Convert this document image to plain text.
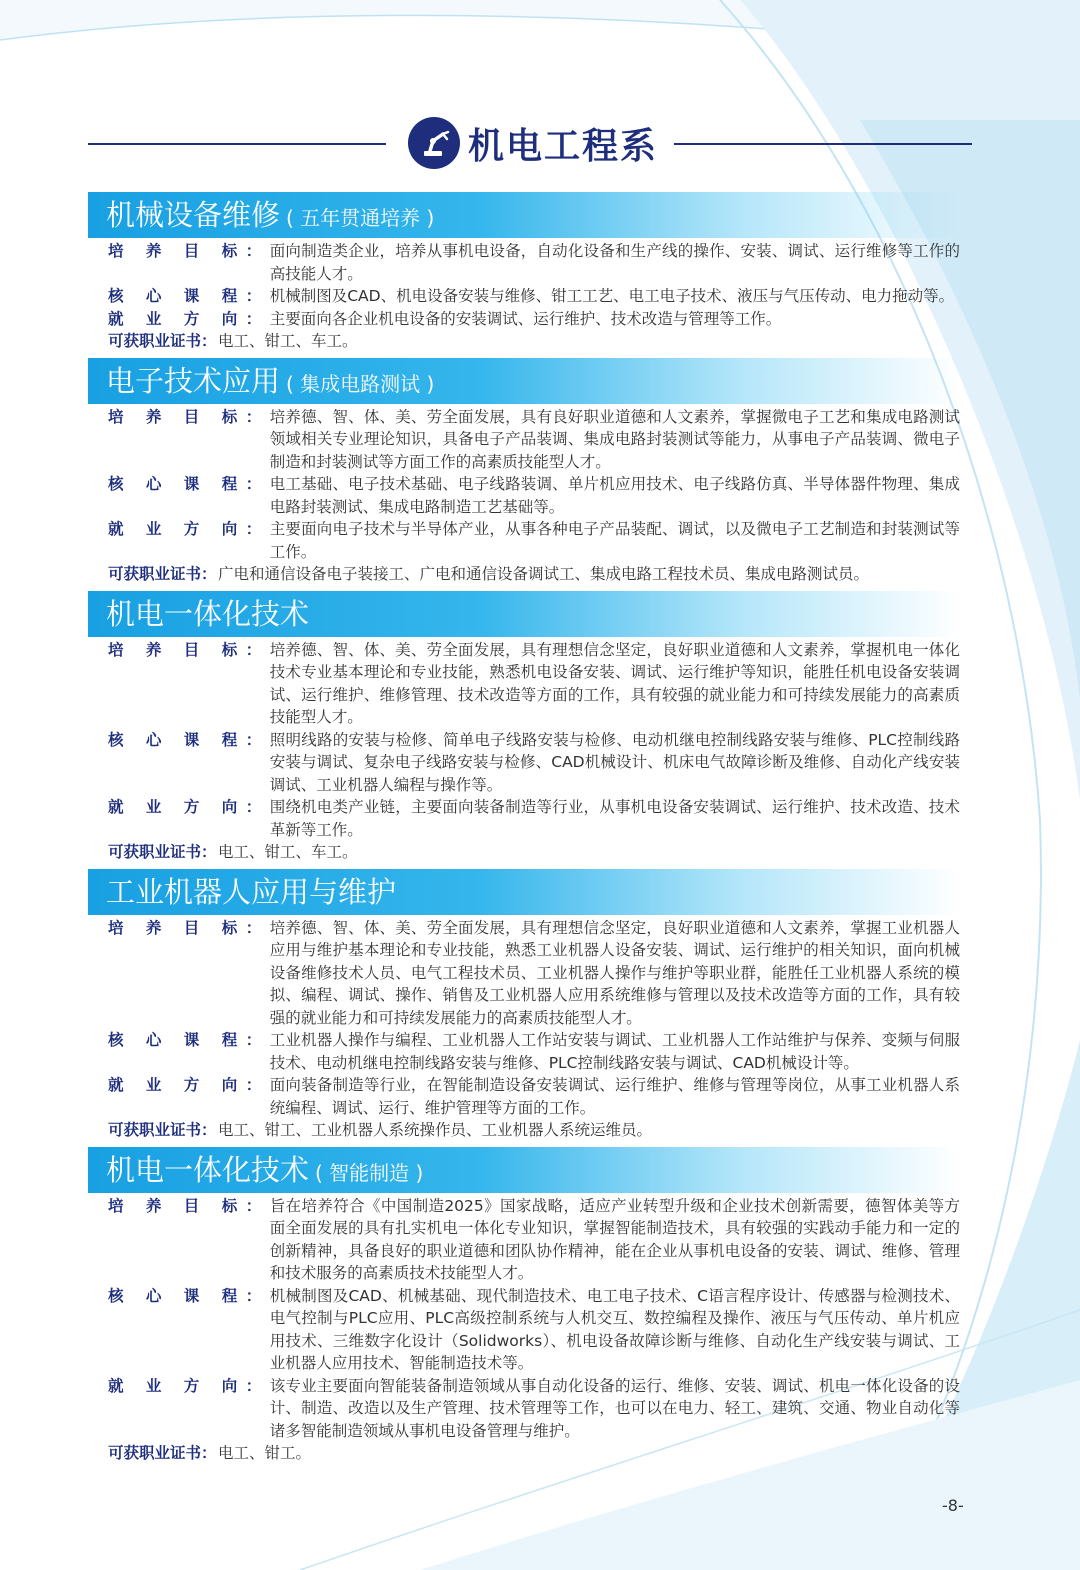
机电工程系
机械设备维修 ( 五年贯通培养 )
培 养 目 标： 面向制造类企业，培养从事机电设备，自动化设备和生产线的操作、安装、调试、运行维修等工作的高技能人才。
核 心 课 程： 机械制图及CAD、机电设备安装与维修、钳工工艺、电工电子技术、液压与气压传动、电力拖动等。
就 业 方 向： 主要面向各企业机电设备的安装调试、运行维护、技术改造与管理等工作。
可获职业证书： 电工、钳工、车工。
电子技术应用 ( 集成电路测试 )
培 养 目 标： 培养德、智、体、美、劳全面发展，具有良好职业道德和人文素养，掌握微电子工艺和集成电路测试领域相关专业理论知识，具备电子产品装调、集成电路封装测试等能力，从事电子产品装调、微电子制造和封装测试等方面工作的高素质技能型人才。
核 心 课 程： 电工基础、电子技术基础、电子线路装调、单片机应用技术、电子线路仿真、半导体器件物理、集成电路封装测试、集成电路制造工艺基础等。
就 业 方 向： 主要面向电子技术与半导体产业，从事各种电子产品装配、调试，以及微电子工艺制造和封装测试等工作。
可获职业证书： 广电和通信设备电子装接工、广电和通信设备调试工、集成电路工程技术员、集成电路测试员。
机电一体化技术
培 养 目 标： 培养德、智、体、美、劳全面发展，具有理想信念坚定，良好职业道德和人文素养，掌握机电一体化技术专业基本理论和专业技能，熟悉机电设备安装、调试、运行维护等知识，能胜任机电设备安装调试、运行维护、维修管理、技术改造等方面的工作，具有较强的就业能力和可持续发展能力的高素质技能型人才。
核 心 课 程： 照明线路的安装与检修、简单电子线路安装与检修、电动机继电控制线路安装与维修、PLC控制线路安装与调试、复杂电子线路安装与检修、CAD机械设计、机床电气故障诊断及维修、自动化产线安装调试、工业机器人编程与操作等。
就 业 方 向： 围绕机电类产业链，主要面向装备制造等行业，从事机电设备安装调试、运行维护、技术改造、技术革新等工作。
可获职业证书： 电工、钳工、车工。
工业机器人应用与维护
培 养 目 标： 培养德、智、体、美、劳全面发展，具有理想信念坚定，良好职业道德和人文素养，掌握工业机器人应用与维护基本理论和专业技能，熟悉工业机器人设备安装、调试、运行维护的相关知识，面向机械设备维修技术人员、电气工程技术员、工业机器人操作与维护等职业群，能胜任工业机器人系统的模拟、编程、调试、操作、销售及工业机器人应用系统维修与管理以及技术改造等方面的工作，具有较强的就业能力和可持续发展能力的高素质技能型人才。
核 心 课 程： 工业机器人操作与编程、工业机器人工作站安装与调试、工业机器人工作站维护与保养、变频与伺服技术、电动机继电控制线路安装与维修、PLC控制线路安装与调试、CAD机械设计等。
就 业 方 向： 面向装备制造等行业，在智能制造设备安装调试、运行维护、维修与管理等岗位，从事工业机器人系统编程、调试、运行、维护管理等方面的工作。
可获职业证书： 电工、钳工、工业机器人系统操作员、工业机器人系统运维员。
机电一体化技术 ( 智能制造 )
培 养 目 标： 旨在培养符合《中国制造2025》国家战略，适应产业转型升级和企业技术创新需要，德智体美等方面全面发展的具有扎实机电一体化专业知识，掌握智能制造技术，具有较强的实践动手能力和一定的创新精神，具备良好的职业道德和团队协作精神，能在企业从事机电设备的安装、调试、维修、管理和技术服务的高素质技术技能型人才。
核 心 课 程： 机械制图及CAD、机械基础、现代制造技术、电工电子技术、C语言程序设计、传感器与检测技术、电气控制与PLC应用、PLC高级控制系统与人机交互、数控编程及操作、液压与气压传动、单片机应用技术、三维数字化设计（Solidworks）、机电设备故障诊断与维修、自动化生产线安装与调试、工业机器人应用技术、智能制造技术等。
就 业 方 向： 该专业主要面向智能装备制造领域从事自动化设备的运行、维修、安装、调试、机电一体化设备的设计、制造、改造以及生产管理、技术管理等工作，也可以在电力、轻工、建筑、交通、物业自动化等诸多智能制造领域从事机电设备管理与维护。
可获职业证书： 电工、钳工。
-8-
